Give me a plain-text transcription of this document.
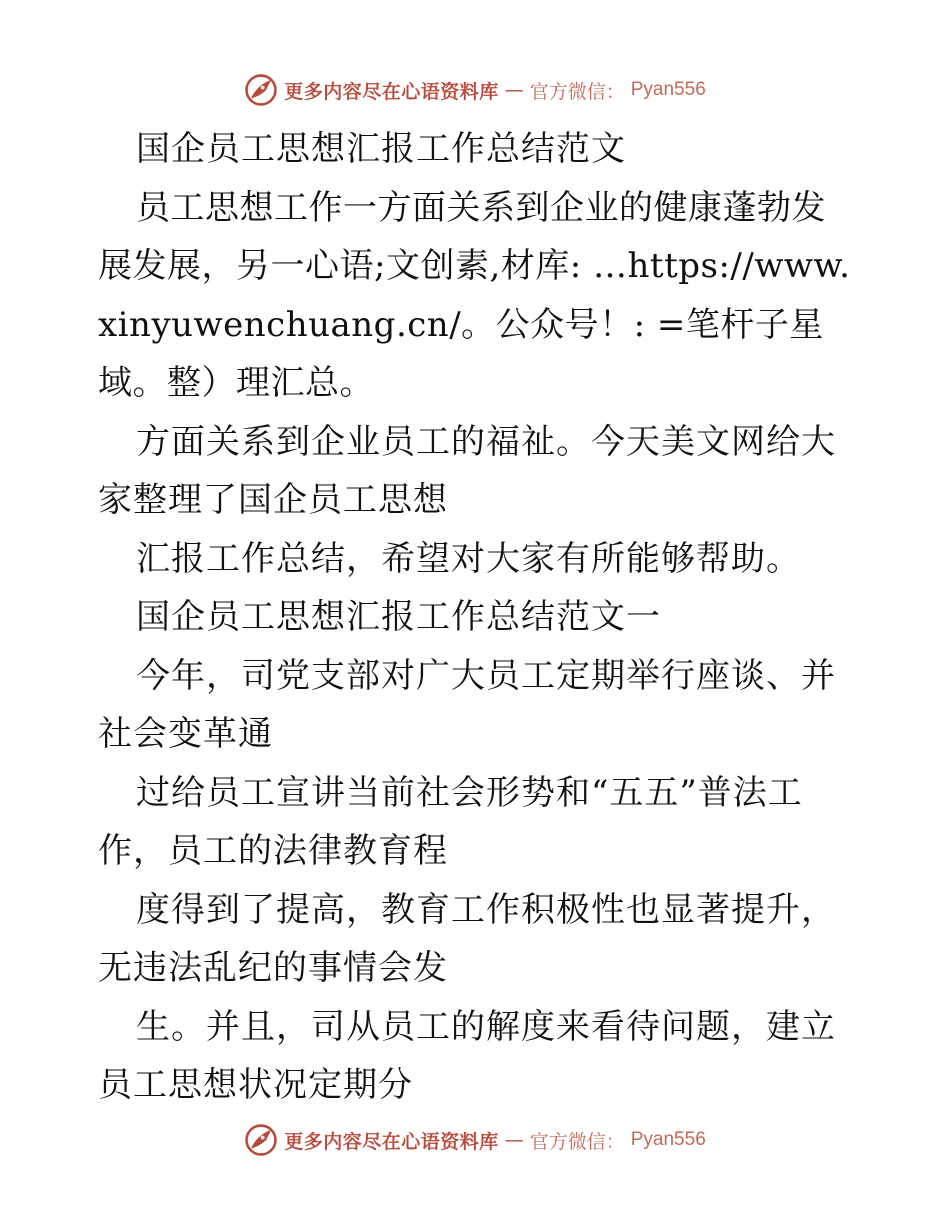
更多内容尽在心语资料库 — 官方微信： Pyan556

国企员工思想汇报工作总结范文

员工思想工作一方面关系到企业的健康蓬勃发展发展，另一心语;文创素,材库: …https://www.xinyuwenchuang.cn/。公众号！: =笔杆子星域。整）理汇总。

方面关系到企业员工的福祉。今天美文网给大家整理了国企员工思想

汇报工作总结，希望对大家有所能够帮助。

国企员工思想汇报工作总结范文一

今年，司党支部对广大员工定期举行座谈、并社会变革通

过给员工宣讲当前社会形势和“五五”普法工作，员工的法律教育程

度得到了提高，教育工作积极性也显著提升，无违法乱纪的事情会发

生。并且，司从员工的解度来看待问题，建立员工思想状况定期分

更多内容尽在心语资料库 — 官方微信： Pyan556
